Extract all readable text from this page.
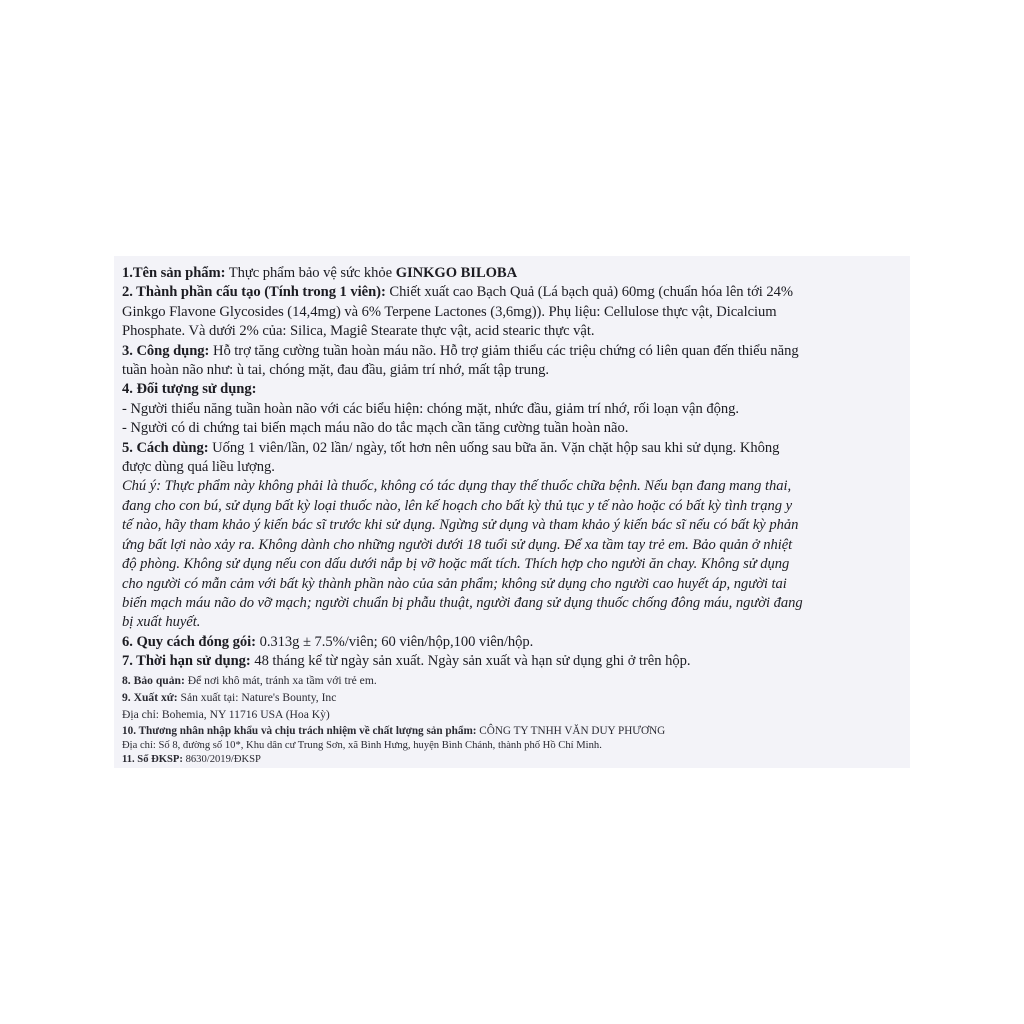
1.Tên sản phẩm: Thực phẩm bảo vệ sức khỏe GINKGO BILOBA
2. Thành phần cấu tạo (Tính trong 1 viên): Chiết xuất cao Bạch Quả (Lá bạch quả) 60mg (chuẩn hóa lên tới 24%
Ginkgo Flavone Glycosides (14,4mg) và 6% Terpene Lactones (3,6mg)). Phụ liệu: Cellulose thực vật, Dicalcium
Phosphate. Và dưới 2% của: Silica, Magiê Stearate thực vật, acid stearic thực vật.
3. Công dụng: Hỗ trợ tăng cường tuần hoàn máu não. Hỗ trợ giảm thiểu các triệu chứng có liên quan đến thiểu năng
tuần hoàn não như: ù tai, chóng mặt, đau đầu, giảm trí nhớ, mất tập trung.
4. Đối tượng sử dụng:
- Người thiểu năng tuần hoàn não với các biểu hiện: chóng mặt, nhức đầu, giảm trí nhớ, rối loạn vận động.
- Người có di chứng tai biến mạch máu não do tắc mạch cần tăng cường tuần hoàn não.
5. Cách dùng: Uống 1 viên/lần, 02 lần/ ngày, tốt hơn nên uống sau bữa ăn. Vặn chặt hộp sau khi sử dụng. Không
được dùng quá liều lượng.
Chú ý: Thực phẩm này không phải là thuốc, không có tác dụng thay thế thuốc chữa bệnh. Nếu bạn đang mang thai,
đang cho con bú, sử dụng bất kỳ loại thuốc nào, lên kế hoạch cho bất kỳ thủ tục y tế nào hoặc có bất kỳ tình trạng y
tế nào, hãy tham khảo ý kiến bác sĩ trước khi sử dụng. Ngừng sử dụng và tham khảo ý kiến bác sĩ nếu có bất kỳ phản
ứng bất lợi nào xảy ra. Không dành cho những người dưới 18 tuổi sử dụng. Để xa tầm tay trẻ em. Bảo quản ở nhiệt
độ phòng. Không sử dụng nếu con dấu dưới nắp bị vỡ hoặc mất tích. Thích hợp cho người ăn chay. Không sử dụng
cho người có mẫn cảm với bất kỳ thành phần nào của sản phẩm; không sử dụng cho người cao huyết áp, người tai
biến mạch máu não do vỡ mạch; người chuẩn bị phẫu thuật, người đang sử dụng thuốc chống đông máu, người đang
bị xuất huyết.
6. Quy cách đóng gói: 0.313g ± 7.5%/viên; 60 viên/hộp,100 viên/hộp.
7. Thời hạn sử dụng: 48 tháng kể từ ngày sản xuất. Ngày sản xuất và hạn sử dụng ghi ở trên hộp.
8. Bảo quản: Để nơi khô mát, tránh xa tầm với trẻ em.
9. Xuất xứ: Sản xuất tại: Nature's Bounty, Inc
Địa chỉ: Bohemia, NY 11716 USA (Hoa Kỳ)
10. Thương nhân nhập khẩu và chịu trách nhiệm về chất lượng sản phẩm: CÔNG TY TNHH VĂN DUY PHƯƠNG
Địa chỉ: Số 8, đường số 10*, Khu dân cư Trung Sơn, xã Bình Hưng, huyện Bình Chánh, thành phố Hồ Chí Minh.
11. Số ĐKSP: 8630/2019/ĐKSP
